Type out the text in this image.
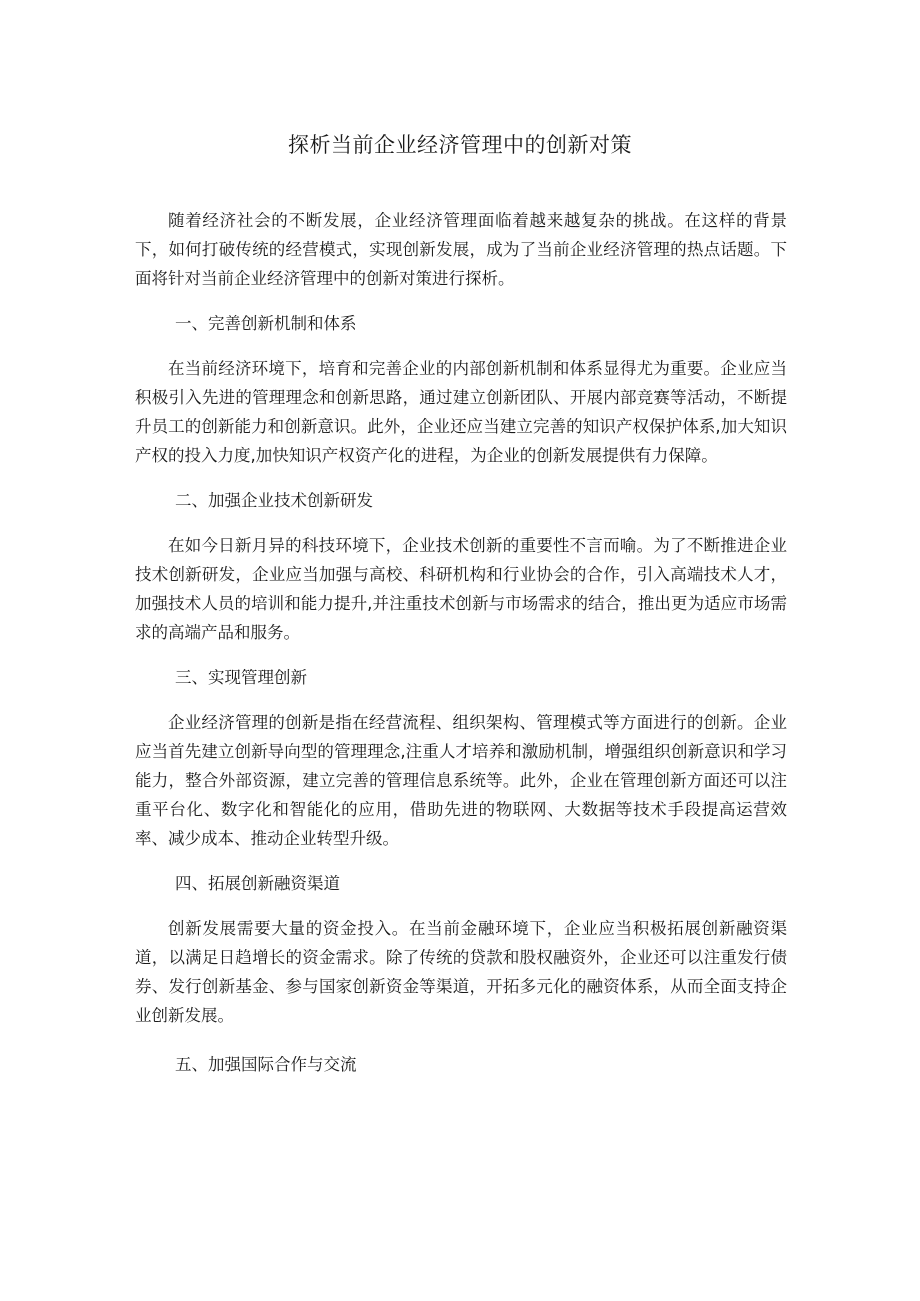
探析当前企业经济管理中的创新对策

随着经济社会的不断发展，企业经济管理面临着越来越复杂的挑战。在这样的背景下，如何打破传统的经营模式，实现创新发展，成为了当前企业经济管理的热点话题。下面将针对当前企业经济管理中的创新对策进行探析。

一、完善创新机制和体系

在当前经济环境下，培育和完善企业的内部创新机制和体系显得尤为重要。企业应当积极引入先进的管理理念和创新思路，通过建立创新团队、开展内部竞赛等活动，不断提升员工的创新能力和创新意识。此外，企业还应当建立完善的知识产权保护体系,加大知识产权的投入力度,加快知识产权资产化的进程，为企业的创新发展提供有力保障。

二、加强企业技术创新研发

在如今日新月异的科技环境下，企业技术创新的重要性不言而喻。为了不断推进企业技术创新研发，企业应当加强与高校、科研机构和行业协会的合作，引入高端技术人才，加强技术人员的培训和能力提升,并注重技术创新与市场需求的结合，推出更为适应市场需求的高端产品和服务。

三、实现管理创新

企业经济管理的创新是指在经营流程、组织架构、管理模式等方面进行的创新。企业应当首先建立创新导向型的管理理念,注重人才培养和激励机制，增强组织创新意识和学习能力，整合外部资源，建立完善的管理信息系统等。此外，企业在管理创新方面还可以注重平台化、数字化和智能化的应用，借助先进的物联网、大数据等技术手段提高运营效率、减少成本、推动企业转型升级。

四、拓展创新融资渠道

创新发展需要大量的资金投入。在当前金融环境下，企业应当积极拓展创新融资渠道，以满足日趋增长的资金需求。除了传统的贷款和股权融资外，企业还可以注重发行债券、发行创新基金、参与国家创新资金等渠道，开拓多元化的融资体系，从而全面支持企业创新发展。

五、加强国际合作与交流
